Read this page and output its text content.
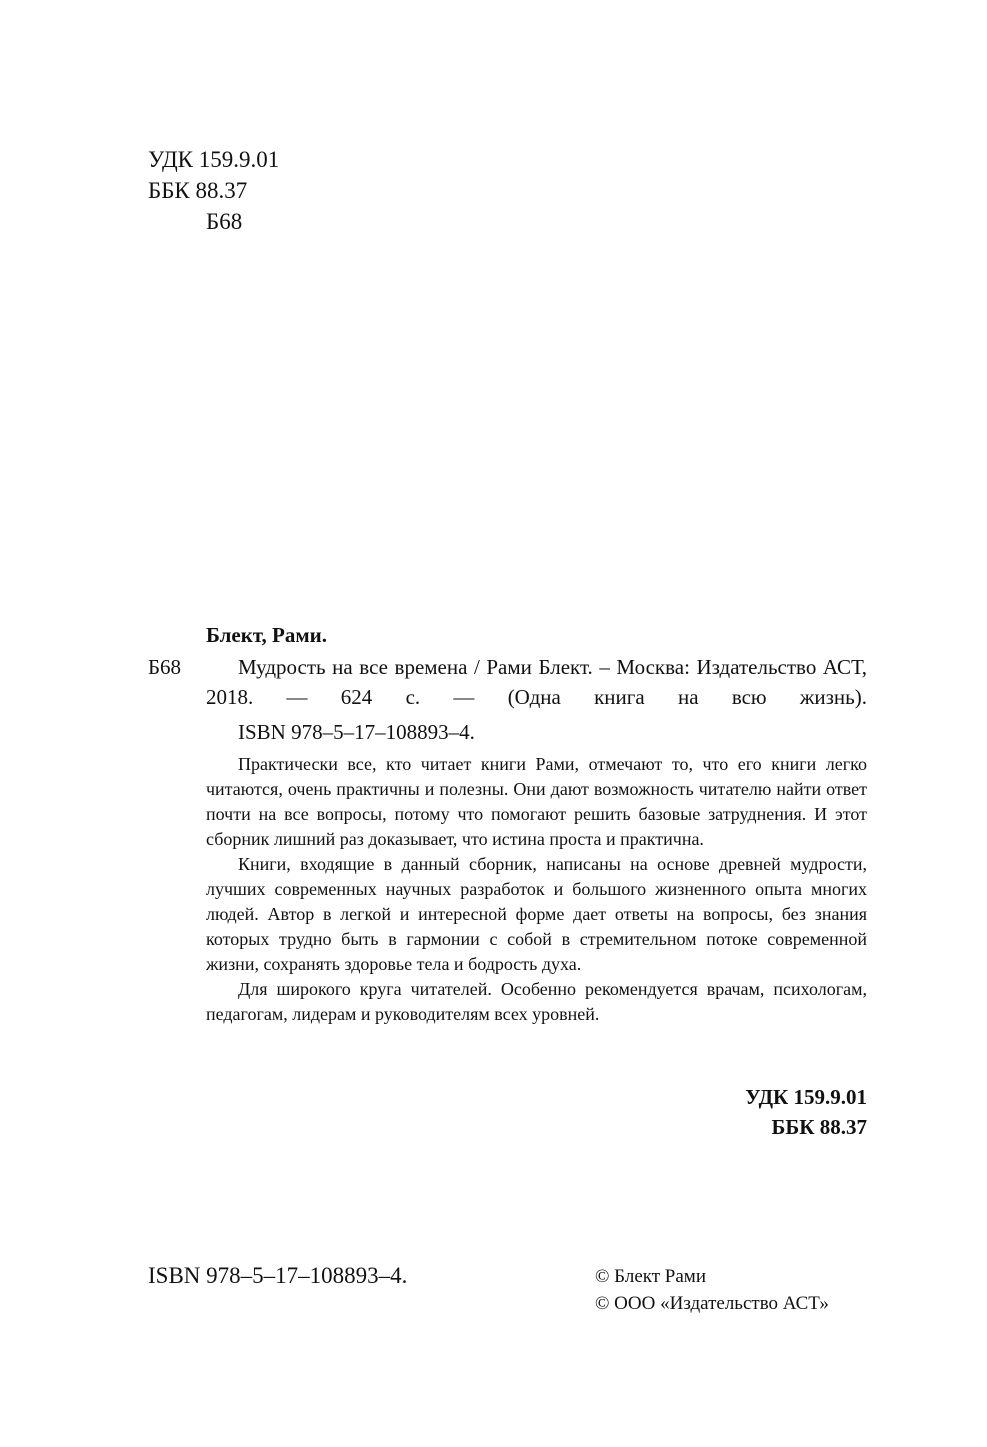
УДК 159.9.01
ББК 88.37
Б68
Блект, Рами.
Б68	Мудрость на все времена / Рами Блект. – Москва: Издательство АСТ, 2018. — 624 с. — (Одна книга на всю жизнь).
ISBN 978–5–17–108893–4.

Практически все, кто читает книги Рами, отмечают то, что его книги легко читаются, очень практичны и полезны. Они дают возможность читателю найти ответ почти на все вопросы, потому что помогают решить базовые затруднения. И этот сборник лишний раз доказывает, что истина проста и практична.

Книги, входящие в данный сборник, написаны на основе древней мудрости, лучших современных научных разработок и большого жизненного опыта многих людей. Автор в легкой и интересной форме дает ответы на вопросы, без знания которых трудно быть в гармонии с собой в стремительном потоке современной жизни, сохранять здоровье тела и бодрость духа.

Для широкого круга читателей. Особенно рекомендуется врачам, психологам, педагогам, лидерам и руководителям всех уровней.

УДК 159.9.01
ББК 88.37
ISBN 978–5–17–108893–4.	© Блект Рами
© ООО «Издательство АСТ»
